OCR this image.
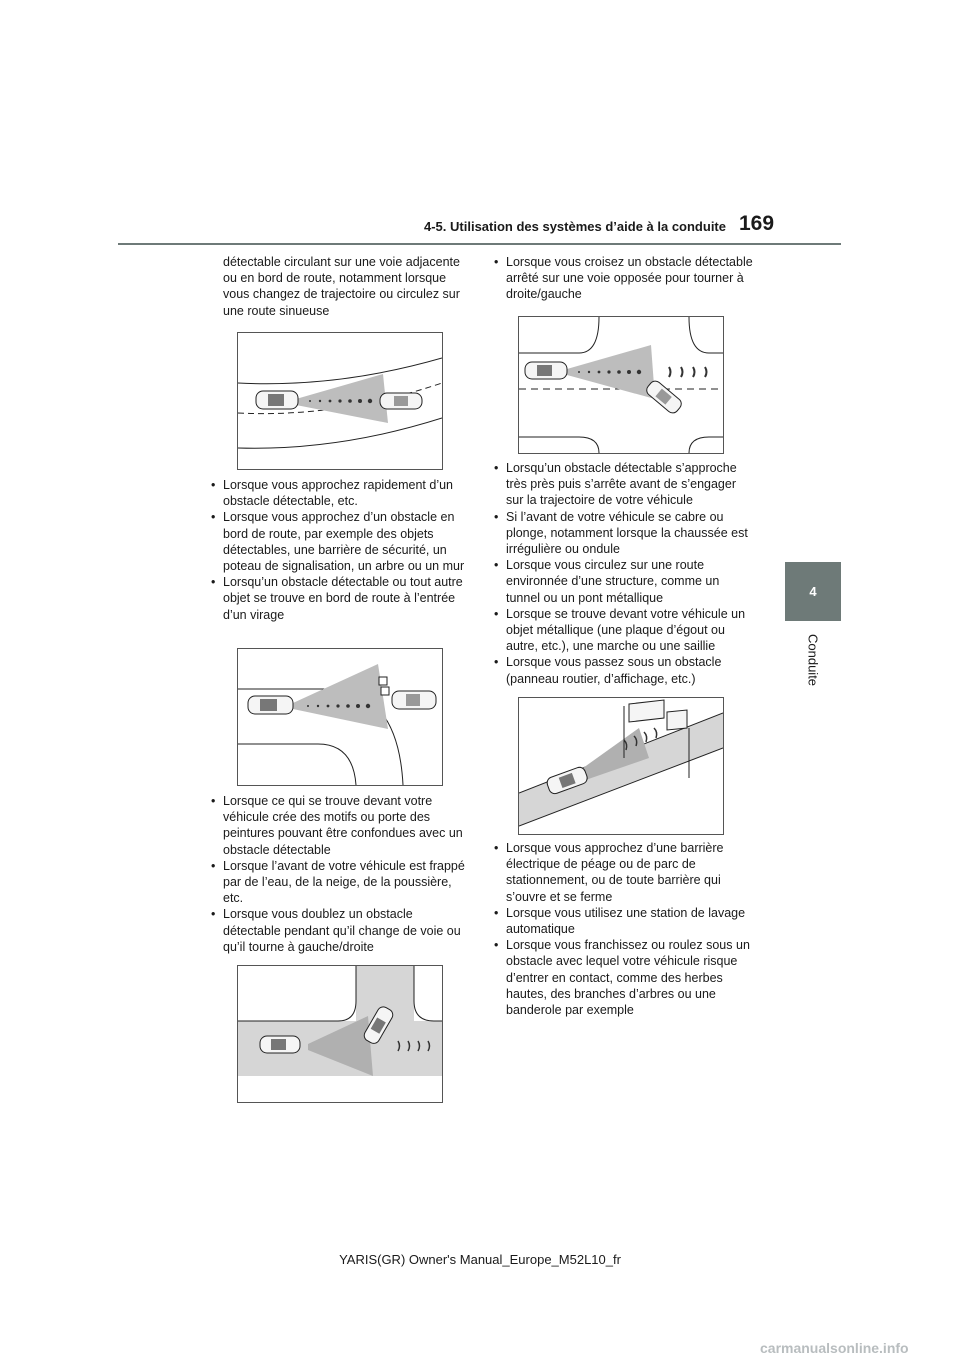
4-5. Utilisation des systèmes d’aide à la conduite 169
4
Conduite

détectable circulant sur une voie adjacente ou en bord de route, notamment lorsque vous changez de trajectoire ou circulez sur une route sinueuse

• Lorsque vous approchez rapidement d’un obstacle détectable, etc.
• Lorsque vous approchez d’un obstacle en bord de route, par exemple des objets détectables, une barrière de sécurité, un poteau de signalisation, un arbre ou un mur
• Lorsqu’un obstacle détectable ou tout autre objet se trouve en bord de route à l’entrée d’un virage
• Lorsque ce qui se trouve devant votre véhicule crée des motifs ou porte des peintures pouvant être confondues avec un obstacle détectable
• Lorsque l’avant de votre véhicule est frappé par de l’eau, de la neige, de la poussière, etc.
• Lorsque vous doublez un obstacle détectable pendant qu’il change de voie ou qu’il tourne à gauche/droite
• Lorsque vous croisez un obstacle détectable arrêté sur une voie opposée pour tourner à droite/gauche
• Lorsqu’un obstacle détectable s’approche très près puis s’arrête avant de s’engager sur la trajectoire de votre véhicule
• Si l’avant de votre véhicule se cabre ou plonge, notamment lorsque la chaussée est irrégulière ou ondule
• Lorsque vous circulez sur une route environnée d’une structure, comme un tunnel ou un pont métallique
• Lorsque se trouve devant votre véhicule un objet métallique (une plaque d’égout ou autre, etc.), une marche ou une saillie
• Lorsque vous passez sous un obstacle (panneau routier, d’affichage, etc.)
• Lorsque vous approchez d’une barrière électrique de péage ou de parc de stationnement, ou de toute barrière qui s’ouvre et se ferme
• Lorsque vous utilisez une station de lavage automatique
• Lorsque vous franchissez ou roulez sous un obstacle avec lequel votre véhicule risque d’entrer en contact, comme des herbes hautes, des branches d’arbres ou une banderole par exemple
YARIS(GR) Owner's Manual_Europe_M52L10_fr
carmanualsonline.info
